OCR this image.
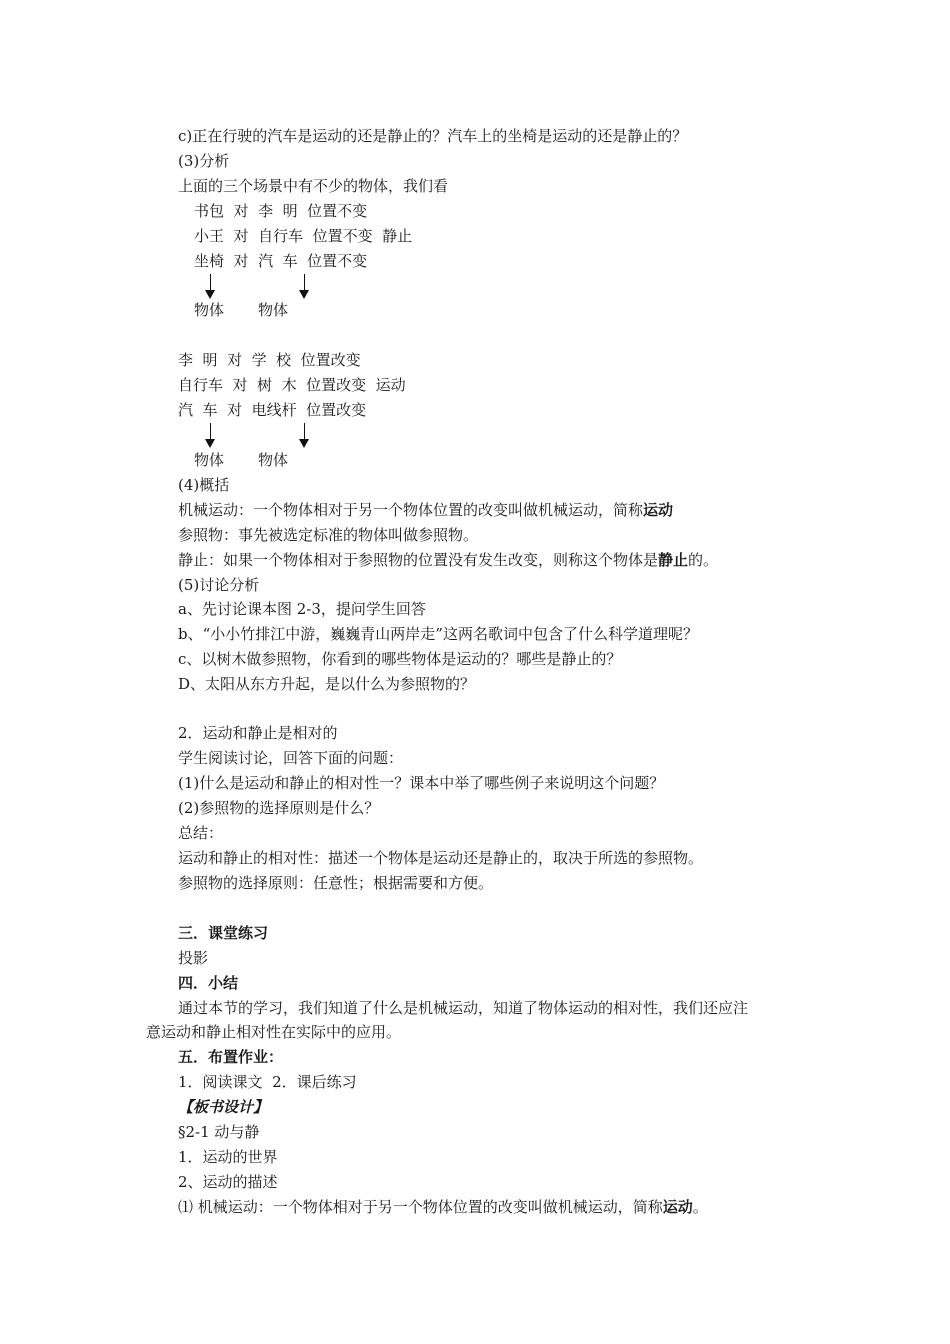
c)正在行驶的汽车是运动的还是静止的？汽车上的坐椅是运动的还是静止的？
(3)分析
上面的三个场景中有不少的物体，我们看
书包  对  李  明  位置不变
小王  对  自行车  位置不变  静止
坐椅  对  汽  车  位置不变
物体 物体
李  明  对  学  校  位置改变
自行车  对  树  木  位置改变  运动
汽  车  对  电线杆  位置改变
物体 物体
(4)概括
机械运动：一个物体相对于另一个物体位置的改变叫做机械运动，简称运动
参照物：事先被选定标准的物体叫做参照物。
静止：如果一个物体相对于参照物的位置没有发生改变，则称这个物体是静止的。
(5)讨论分析
a、先讨论课本图 2-3，提问学生回答
b、“小小竹排江中游，巍巍青山两岸走”这两名歌词中包含了什么科学道理呢？
c、以树木做参照物，你看到的哪些物体是运动的？哪些是静止的？
D、太阳从东方升起，是以什么为参照物的？
2．运动和静止是相对的
学生阅读讨论，回答下面的问题：
(1)什么是运动和静止的相对性一？课本中举了哪些例子来说明这个问题？
(2)参照物的选择原则是什么？
总结：
运动和静止的相对性：描述一个物体是运动还是静止的，取决于所选的参照物。
参照物的选择原则：任意性；根据需要和方便。
三．课堂练习
投影
四．小结
通过本节的学习，我们知道了什么是机械运动，知道了物体运动的相对性，我们还应注
意运动和静止相对性在实际中的应用。
五．布置作业：
1．阅读课文  2．课后练习
【板书设计】
§2-1 动与静
1．运动的世界
2、运动的描述
⑴ 机械运动：一个物体相对于另一个物体位置的改变叫做机械运动，简称运动。
